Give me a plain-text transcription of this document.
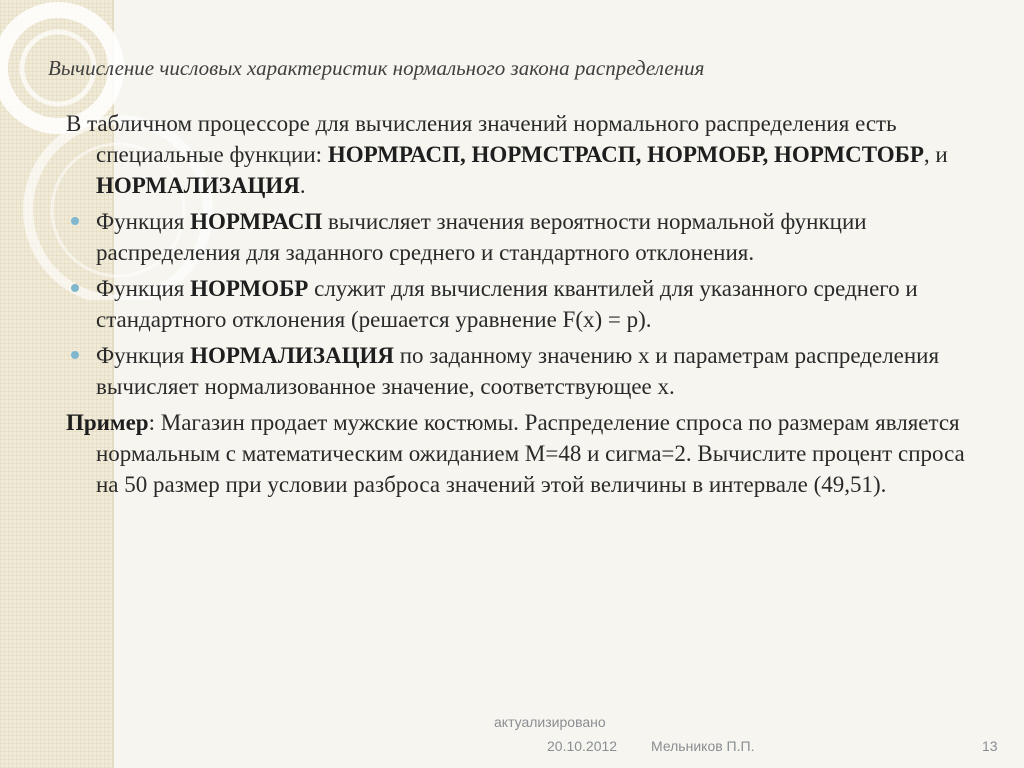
Вычисление числовых характеристик нормального закона распределения

В табличном процессоре для вычисления значений нормального распределения есть специальные функции: НОРМРАСП, НОРМСТРАСП, НОРМОБР, НОРМСТОБР, и НОРМАЛИЗАЦИЯ.

Функция НОРМРАСП вычисляет значения вероятности нормальной функции распределения для заданного среднего и стандартного отклонения.
Функция НОРМОБР служит для вычисления квантилей для указанного среднего и стандартного отклонения (решается уравнение F(x) = p).
Функция НОРМАЛИЗАЦИЯ по заданному значению x и параметрам распределения вычисляет нормализованное значение, соответствующее x.

Пример: Магазин продает мужские костюмы. Распределение спроса по размерам является нормальным с математическим ожиданием М=48 и сигма=2. Вычислите процент спроса на 50 размер при условии разброса значений этой величины в интервале (49,51).

актуализировано
20.10.2012 Мельников П.П.	13
